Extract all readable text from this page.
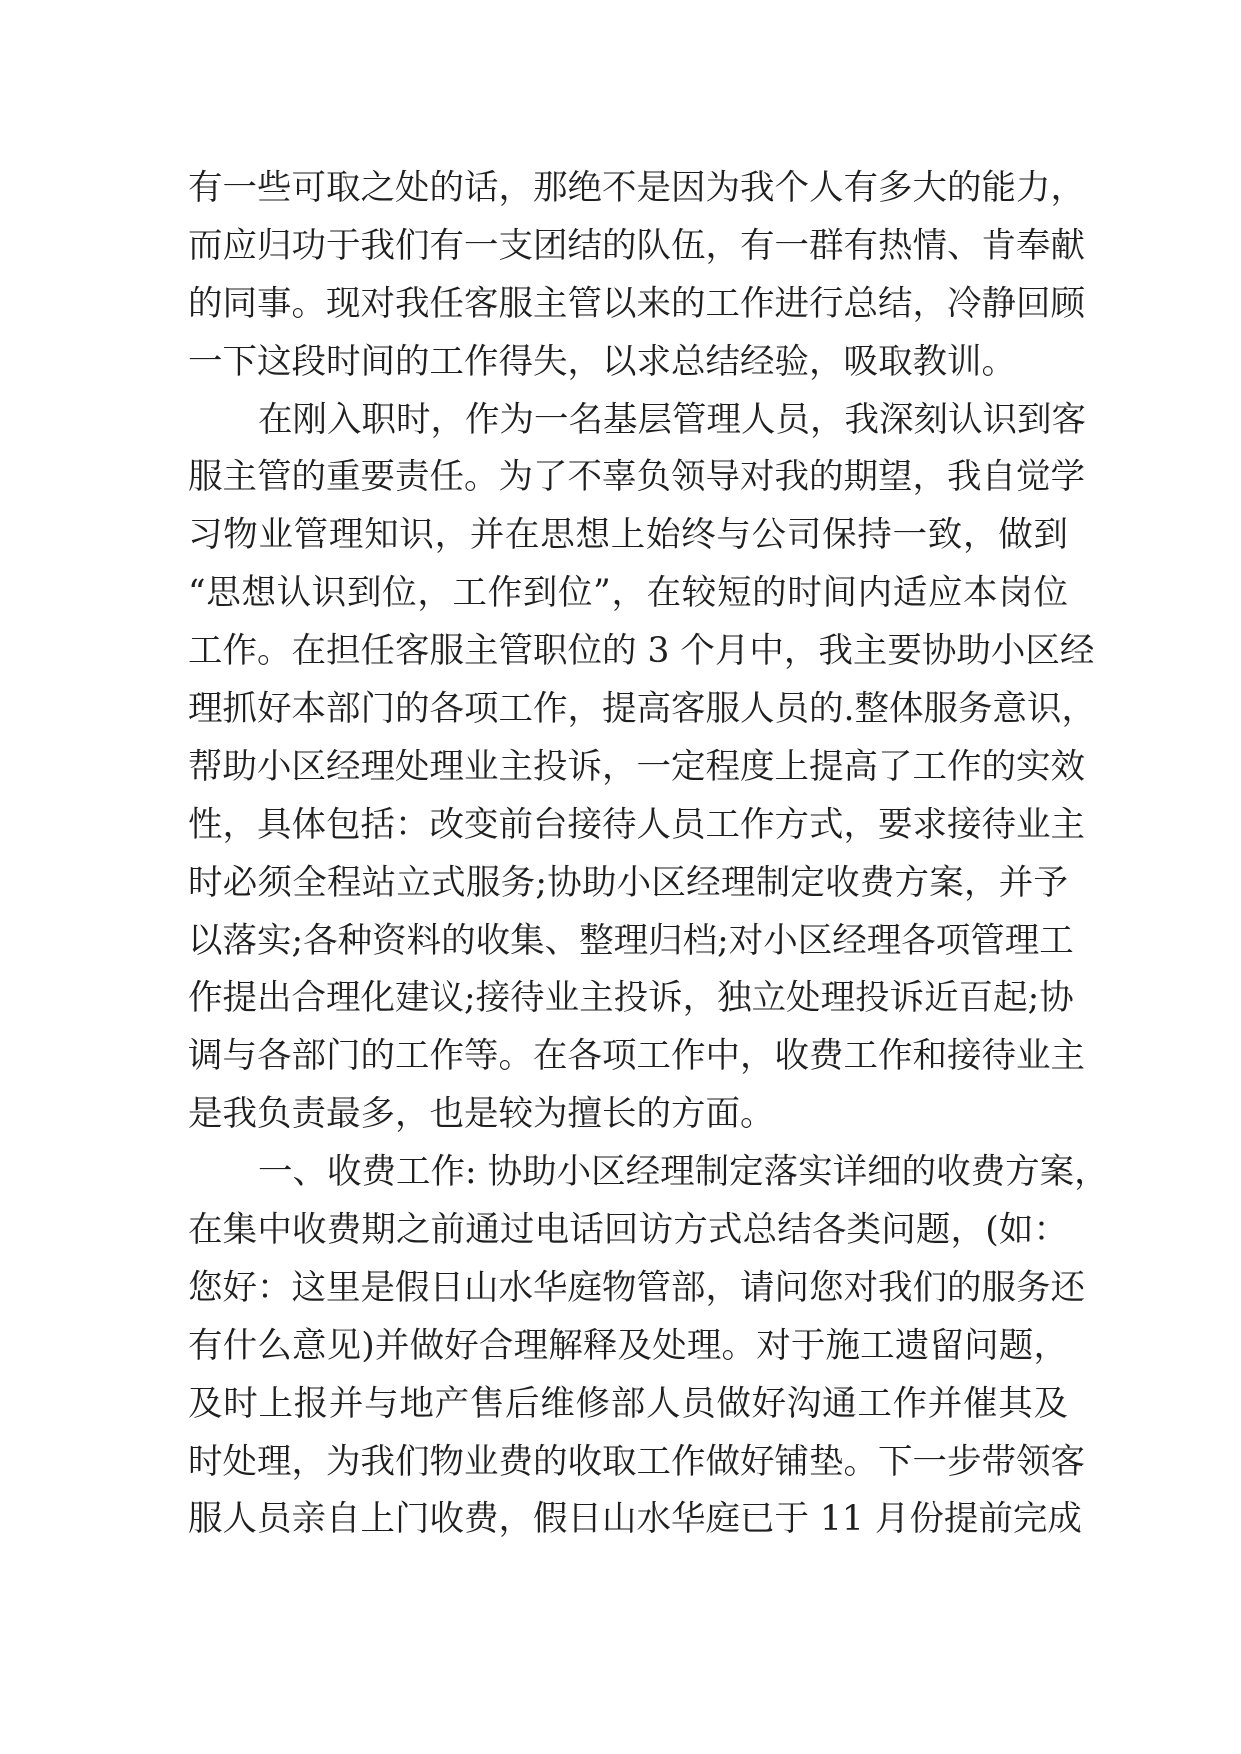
有一些可取之处的话，那绝不是因为我个人有多大的能力，
而应归功于我们有一支团结的队伍，有一群有热情、肯奉献
的同事。现对我任客服主管以来的工作进行总结，冷静回顾
一下这段时间的工作得失，以求总结经验，吸取教训。
在刚入职时，作为一名基层管理人员，我深刻认识到客
服主管的重要责任。为了不辜负领导对我的期望，我自觉学
习物业管理知识，并在思想上始终与公司保持一致，做到
“思想认识到位，工作到位”，在较短的时间内适应本岗位
工作。在担任客服主管职位的 3 个月中，我主要协助小区经
理抓好本部门的各项工作，提高客服人员的.整体服务意识，
帮助小区经理处理业主投诉，一定程度上提高了工作的实效
性，具体包括：改变前台接待人员工作方式，要求接待业主
时必须全程站立式服务;协助小区经理制定收费方案，并予
以落实;各种资料的收集、整理归档;对小区经理各项管理工
作提出合理化建议;接待业主投诉，独立处理投诉近百起;协
调与各部门的工作等。在各项工作中，收费工作和接待业主
是我负责最多，也是较为擅长的方面。
一、收费工作: 协助小区经理制定落实详细的收费方案，
在集中收费期之前通过电话回访方式总结各类问题，(如：
您好：这里是假日山水华庭物管部，请问您对我们的服务还
有什么意见)并做好合理解释及处理。对于施工遗留问题，
及时上报并与地产售后维修部人员做好沟通工作并催其及
时处理，为我们物业费的收取工作做好铺垫。下一步带领客
服人员亲自上门收费，假日山水华庭已于 11 月份提前完成
